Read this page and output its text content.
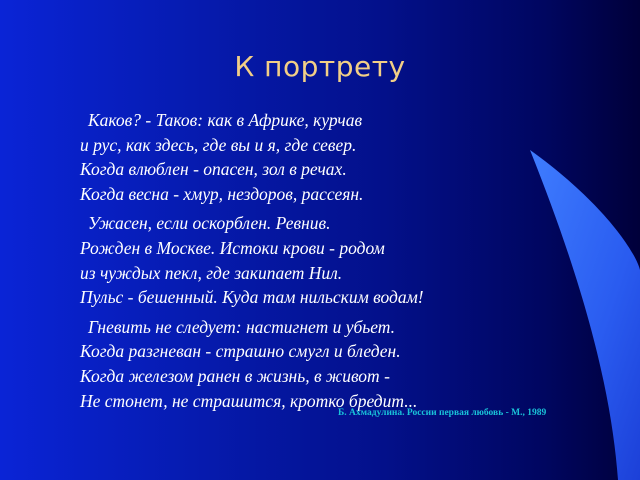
К портрету
Каков? - Таков: как в Африке, курчав
и рус, как здесь, где вы и я, где север.
Когда влюблен - опасен, зол в речах.
Когда весна - хмур, нездоров, рассеян.
Ужасен, если оскорблен. Ревнив.
Рожден в Москве. Истоки крови - родом
из чуждых пекл, где закипает Нил.
Пульс - бешенный. Куда там нильским водам!
Гневить не следует: настигнет и убьет.
Когда разгневан - страшно смугл и бледен.
Когда железом ранен в жизнь, в живот -
Не стонет, не страшится, кротко бредит...
Б. Ахмадулина. России первая любовь - М., 1989
